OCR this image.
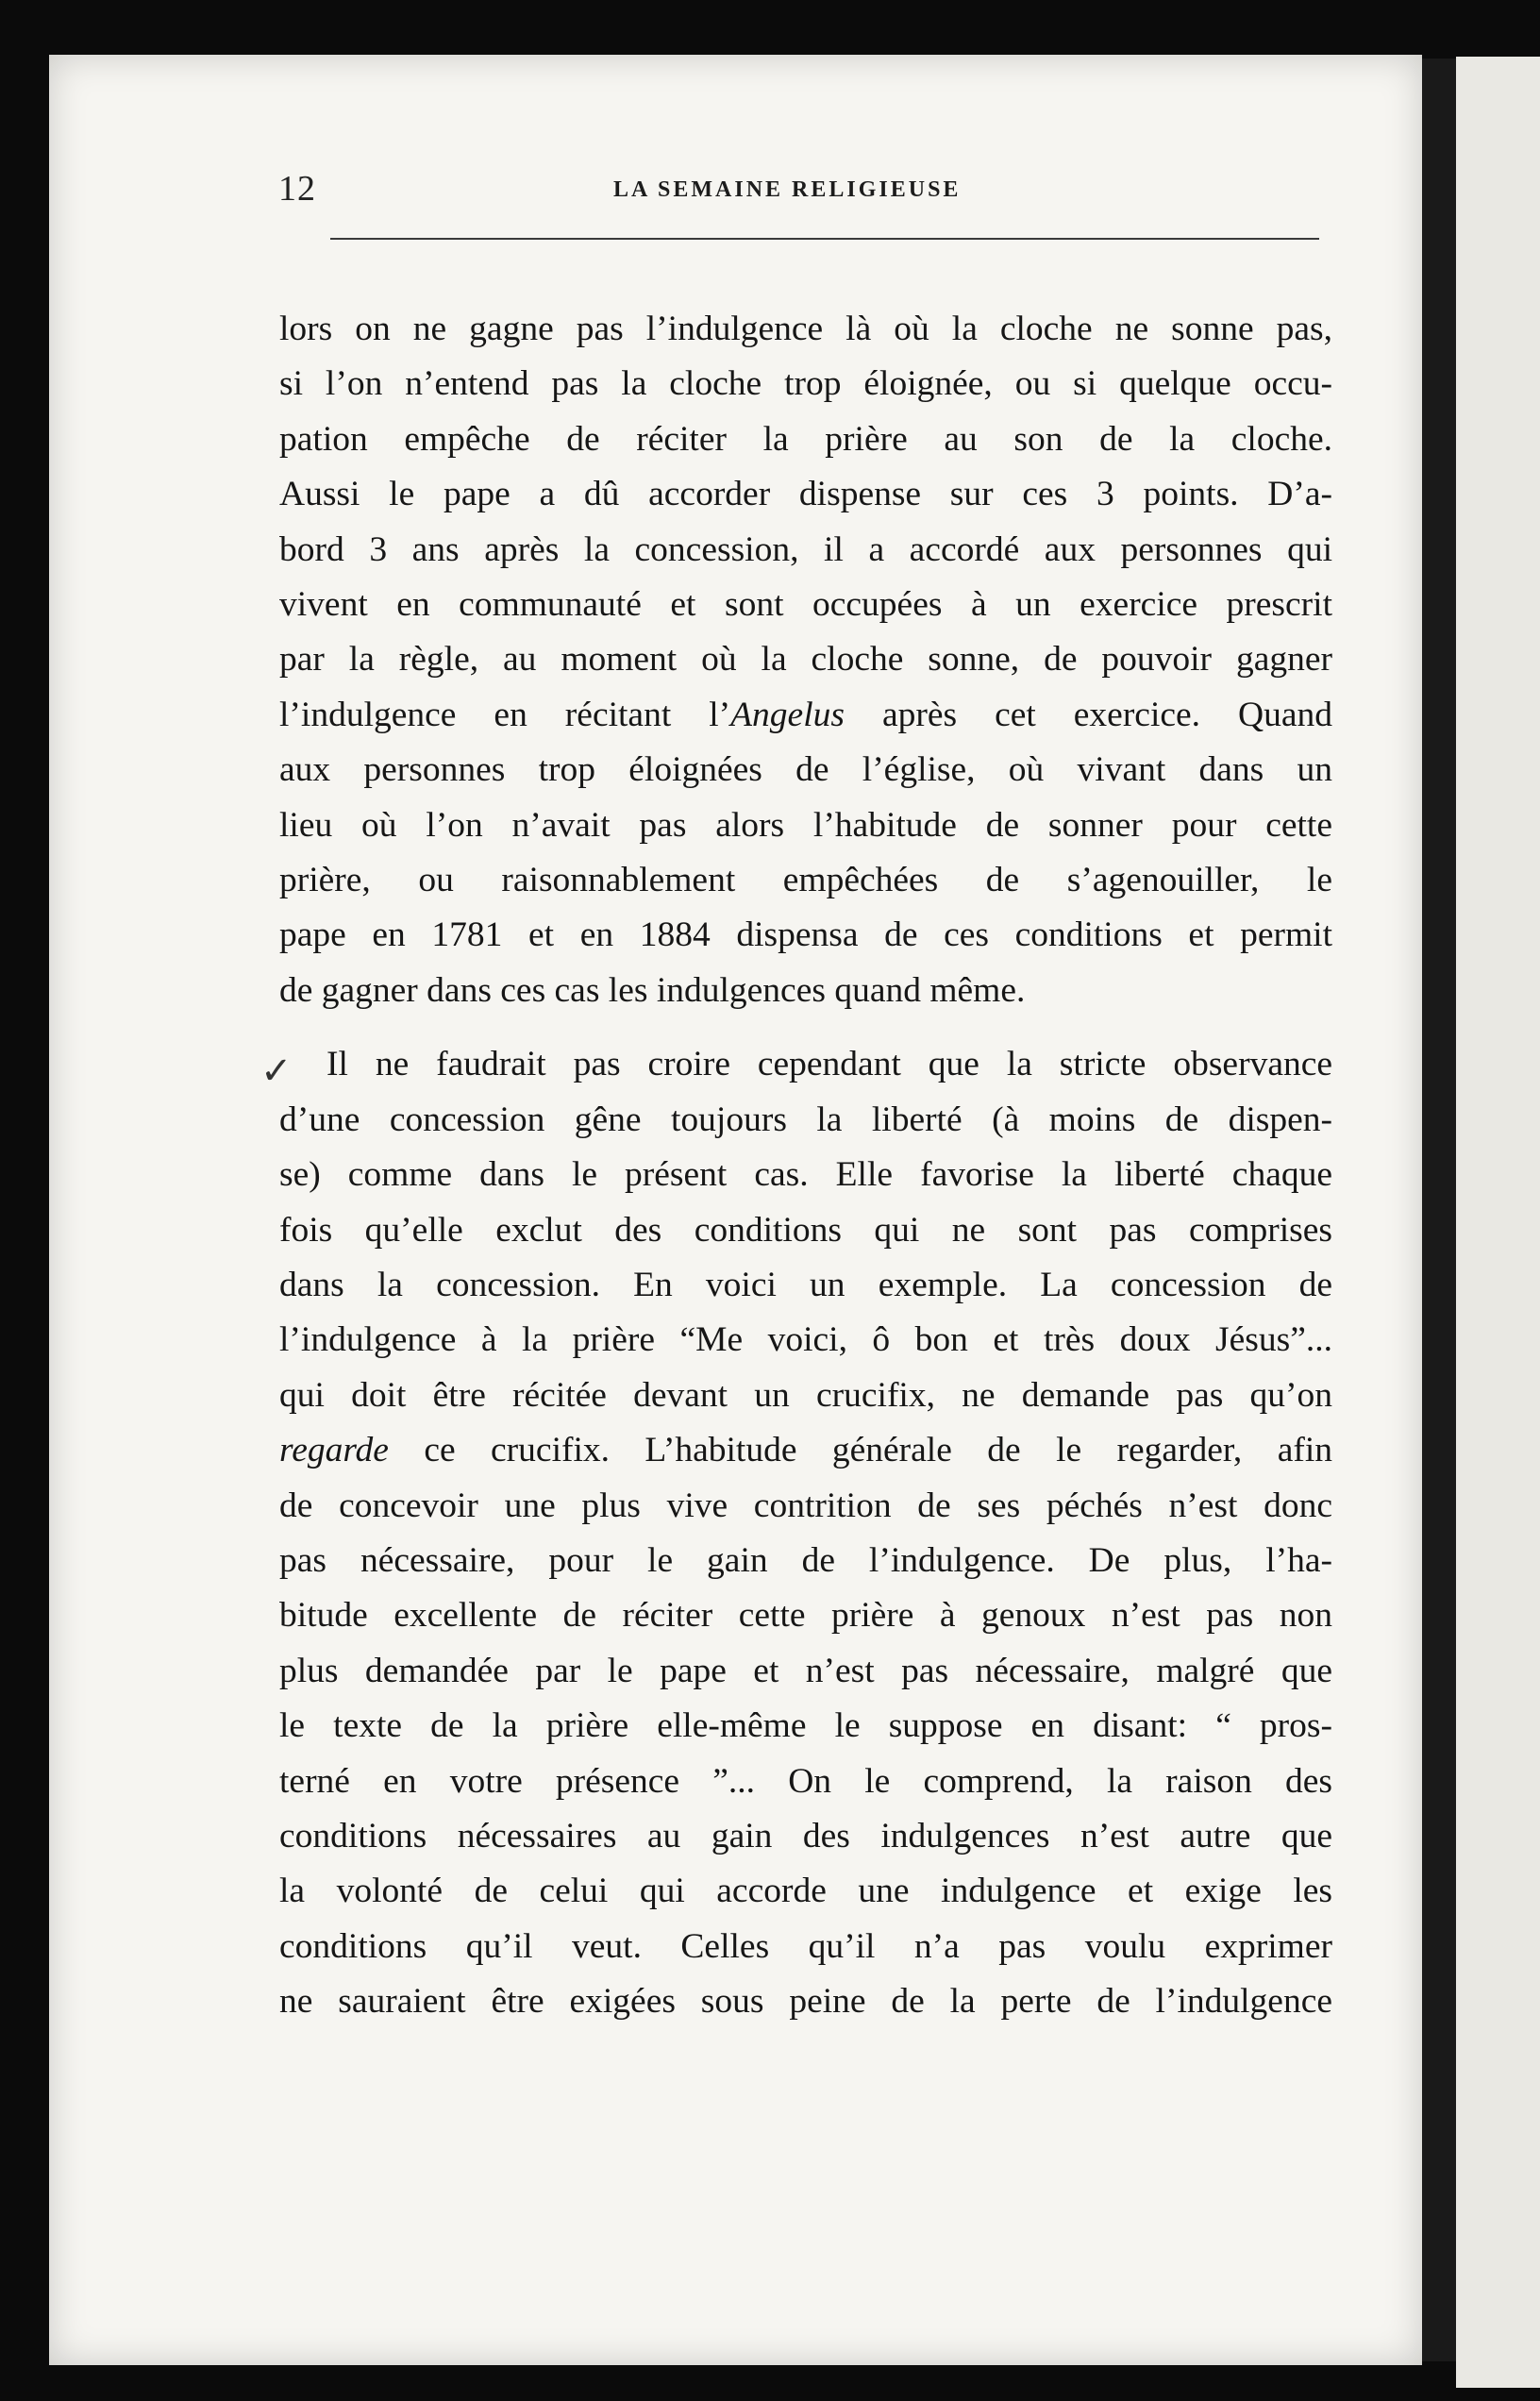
12	LA SEMAINE RELIGIEUSE
✓

lors on ne gagne pas l’indulgence là où la cloche ne sonne pas,
si l’on n’entend pas la cloche trop éloignée, ou si quelque occu-
pation empêche de réciter la prière au son de la cloche.
Aussi le pape a dû accorder dispense sur ces 3 points. D’a-
bord 3 ans après la concession, il a accordé aux personnes qui
vivent en communauté et sont occupées à un exercice prescrit
par la règle, au moment où la cloche sonne, de pouvoir gagner
l’indulgence en récitant l’Angelus après cet exercice. Quand
aux personnes trop éloignées de l’église, où vivant dans un
lieu où l’on n’avait pas alors l’habitude de sonner pour cette
prière, ou raisonnablement empêchées de s’agenouiller, le
pape en 1781 et en 1884 dispensa de ces conditions et permit
de gagner dans ces cas les indulgences quand même.

Il ne faudrait pas croire cependant que la stricte observance
d’une concession gêne toujours la liberté (à moins de dispen-
se) comme dans le présent cas. Elle favorise la liberté chaque
fois qu’elle exclut des conditions qui ne sont pas comprises
dans la concession. En voici un exemple. La concession de
l’indulgence à la prière “Me voici, ô bon et très doux Jésus”...
qui doit être récitée devant un crucifix, ne demande pas qu’on
regarde ce crucifix. L’habitude générale de le regarder, afin
de concevoir une plus vive contrition de ses péchés n’est donc
pas nécessaire, pour le gain de l’indulgence. De plus, l’ha-
bitude excellente de réciter cette prière à genoux n’est pas non
plus demandée par le pape et n’est pas nécessaire, malgré que
le texte de la prière elle-même le suppose en disant: “ pros-
terné en votre présence ”... On le comprend, la raison des
conditions nécessaires au gain des indulgences n’est autre que
la volonté de celui qui accorde une indulgence et exige les
conditions qu’il veut. Celles qu’il n’a pas voulu exprimer
ne sauraient être exigées sous peine de la perte de l’indulgence
